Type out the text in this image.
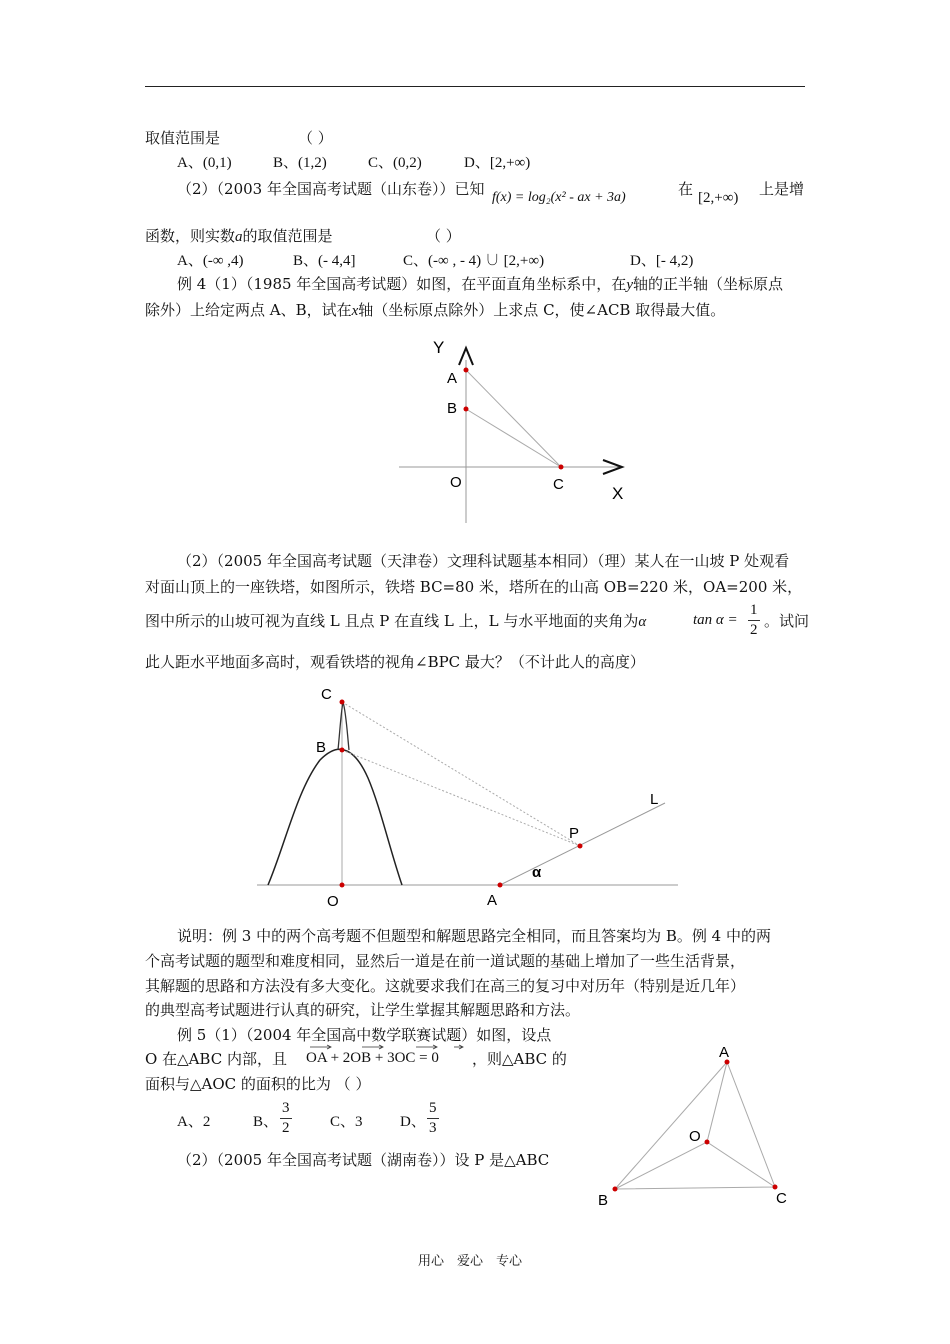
取值范围是	（ ）
A、(0,1)	B、(1,2)	C、(0,2)	D、[2,+∞)
（2）（2003 年全国高考试题（山东卷））已知 f(x) = log₂(x² - ax + 3a)	在 [2,+∞) 上是增
函数，则实数a的取值范围是	（ ）
A、(-∞ ,4)	B、(- 4,4]	C、(-∞ , - 4) ∪ [2,+∞)	D、[- 4,2)
例 4（1）（1985 年全国高考试题）如图，在平面直角坐标系中，在y轴的正半轴（坐标原点
除外）上给定两点 A、B，试在x轴（坐标原点除外）上求点 C，使∠ACB 取得最大值。
Y
A
B
O	C	X
（2）（2005 年全国高考试题（天津卷）文理科试题基本相同）（理）某人在一山坡 P 处观看
对面山顶上的一座铁塔，如图所示，铁塔 BC=80 米，塔所在的山高 OB=220 米，OA=200 米，
图中所示的山坡可视为直线 L 且点 P 在直线 L 上，L 与水平地面的夹角为α	$\tan \alpha = \frac{1}{2}$ 。试问
此人距水平地面多高时，观看铁塔的视角∠BPC 最大？（不计此人的高度）
C
B
O	A
P
L
α
说明：例 3 中的两个高考题不但题型和解题思路完全相同，而且答案均为 B。例 4 中的两
个高考试题的题型和难度相同，显然后一道是在前一道试题的基础上增加了一些生活背景，
其解题的思路和方法没有多大变化。这就要求我们在高三的复习中对历年（特别是近几年）
的典型高考试题进行认真的研究，让学生掌握其解题思路和方法。
例 5（1）（2004 年全国高中数学联赛试题）如图，设点
O 在△ABC 内部，且 OA + 2OB + 3OC = 0 ，则△ABC 的
面积与△AOC 的面积的比为 （ ）
A、2	B、 $\frac{3}{2}$	C、3 D、 $\frac{5}{3}$
（2）（2005 年全国高考试题（湖南卷））设 P 是△ABC
A
O
B	C
用心　爱心　专心
